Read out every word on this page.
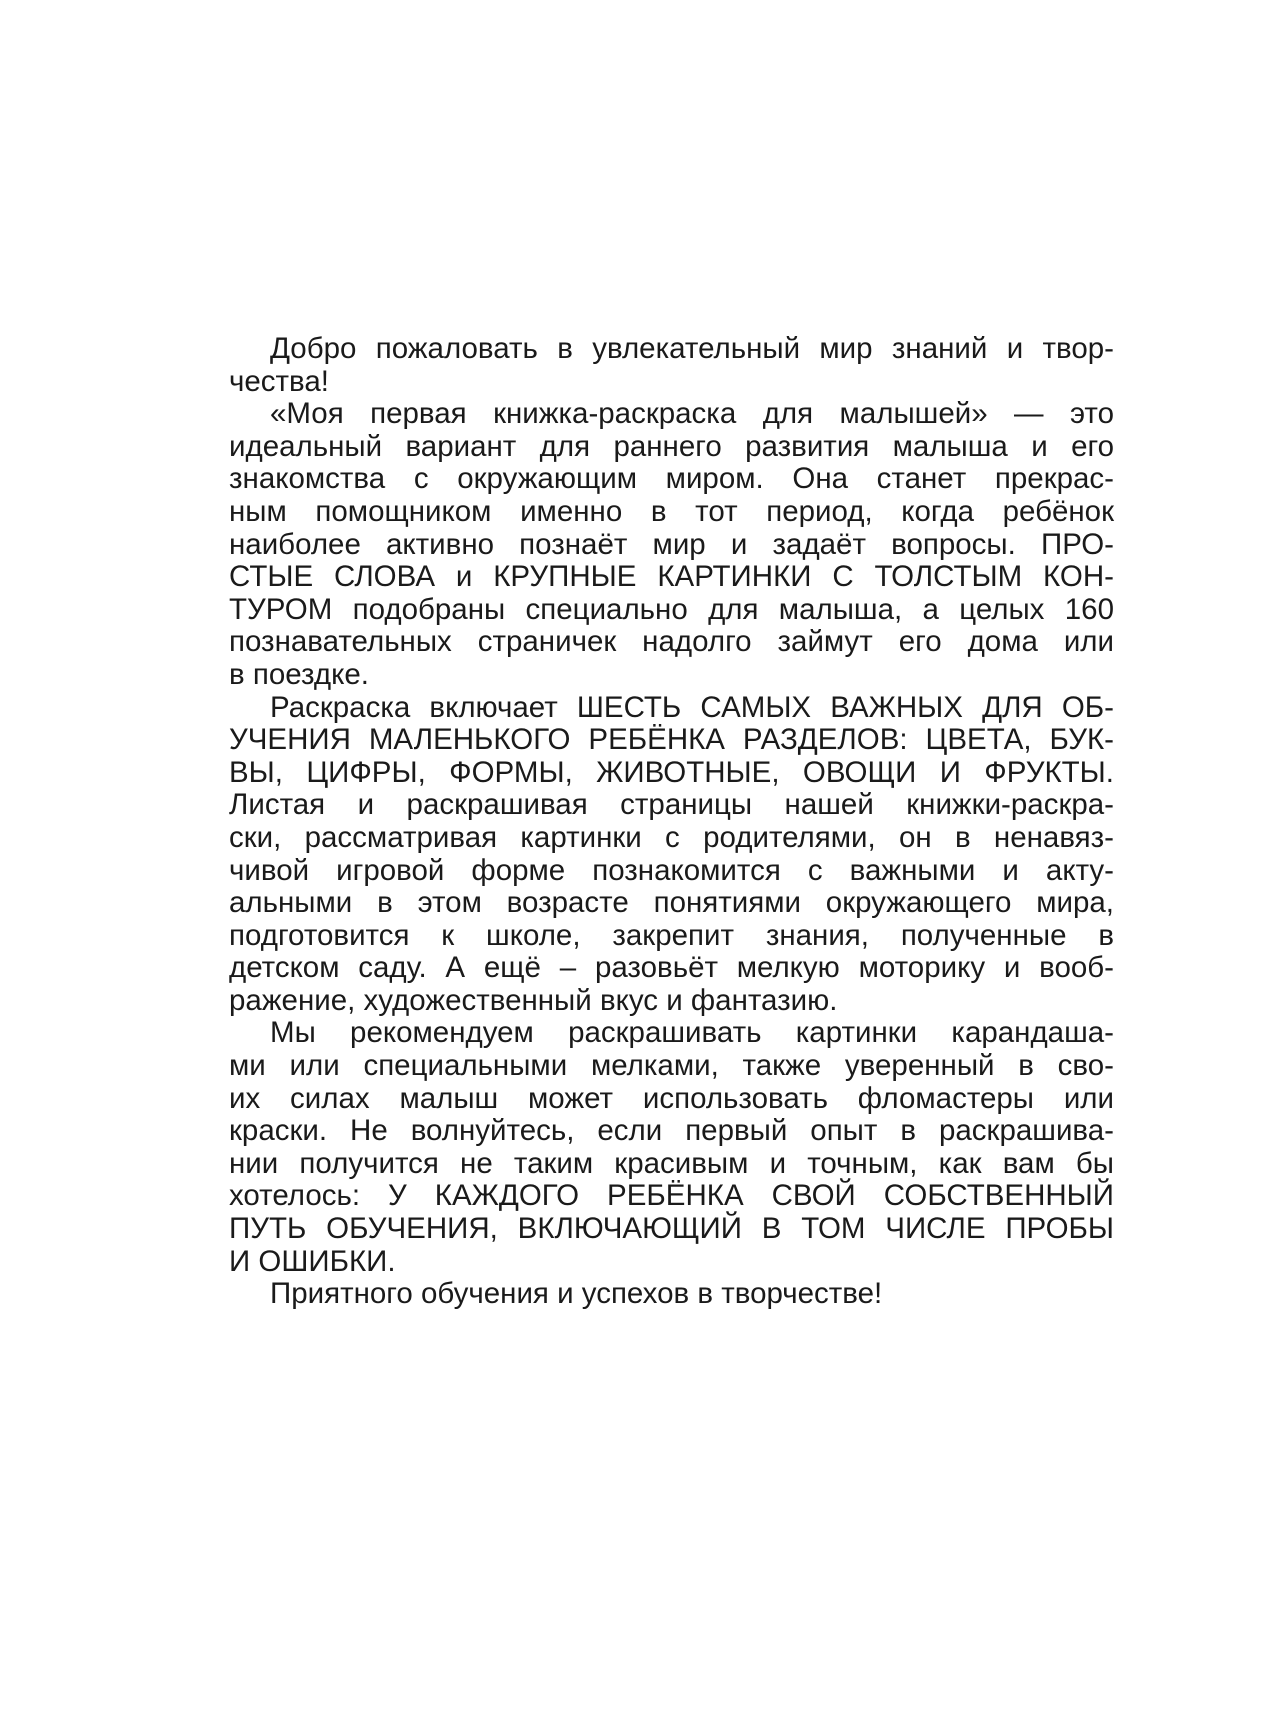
Добро пожаловать в увлекательный мир знаний и твор-
чества!

«Моя первая книжка-раскраска для малышей» — это
идеальный вариант для раннего развития малыша и его
знакомства с окружающим миром. Она станет прекрас-
ным помощником именно в тот период, когда ребёнок
наиболее активно познаёт мир и задаёт вопросы. ПРО-
СТЫЕ СЛОВА и КРУПНЫЕ КАРТИНКИ С ТОЛСТЫМ КОН-
ТУРОМ подобраны специально для малыша, а целых 160
познавательных страничек надолго займут его дома или
в поездке.

Раскраска включает ШЕСТЬ САМЫХ ВАЖНЫХ ДЛЯ ОБ-
УЧЕНИЯ МАЛЕНЬКОГО РЕБЁНКА РАЗДЕЛОВ: ЦВЕТА, БУК-
ВЫ, ЦИФРЫ, ФОРМЫ, ЖИВОТНЫЕ, ОВОЩИ И ФРУКТЫ.
Листая и раскрашивая страницы нашей книжки-раскра-
ски, рассматривая картинки с родителями, он в ненавяз-
чивой игровой форме познакомится с важными и акту-
альными в этом возрасте понятиями окружающего мира,
подготовится к школе, закрепит знания, полученные в
детском саду. А ещё – разовьёт мелкую моторику и вооб-
ражение, художественный вкус и фантазию.

Мы рекомендуем раскрашивать картинки карандаша-
ми или специальными мелками, также уверенный в сво-
их силах малыш может использовать фломастеры или
краски. Не волнуйтесь, если первый опыт в раскрашива-
нии получится не таким красивым и точным, как вам бы
хотелось: У КАЖДОГО РЕБЁНКА СВОЙ СОБСТВЕННЫЙ
ПУТЬ ОБУЧЕНИЯ, ВКЛЮЧАЮЩИЙ В ТОМ ЧИСЛЕ ПРОБЫ
И ОШИБКИ.

Приятного обучения и успехов в творчестве!
